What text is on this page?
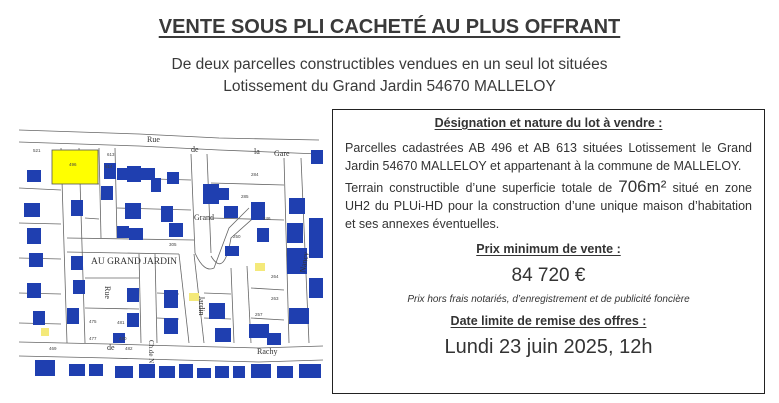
VENTE SOUS PLI CACHETÉ AU PLUS OFFRANT
De deux parcelles constructibles vendues en un seul lot situées
Lotissement du Grand Jardin 54670 MALLELOY
Rue
de	la Gare
Grand
AU GRAND JARDIN
Rue
Jardin
Nancy
Rachy
de	Ch.de N
521
496
613
614
285
257
475
477
469
481
480
482
250
305
284
246
264
263
Désignation et nature du lot à vendre :
Parcelles cadastrées AB 496 et AB 613 situées Lotissement le Grand Jardin 54670 MALLELOY et appartenant à la commune de MALLELOY.
Terrain constructible d’une superficie totale de 706m² situé en zone UH2 du PLUi-HD pour la construction d’une unique maison d’habitation et ses annexes éventuelles.
Prix minimum de vente :
84 720 €
Prix hors frais notariés, d’enregistrement et de publicité foncière
Date limite de remise des offres :
Lundi 23 juin 2025, 12h
